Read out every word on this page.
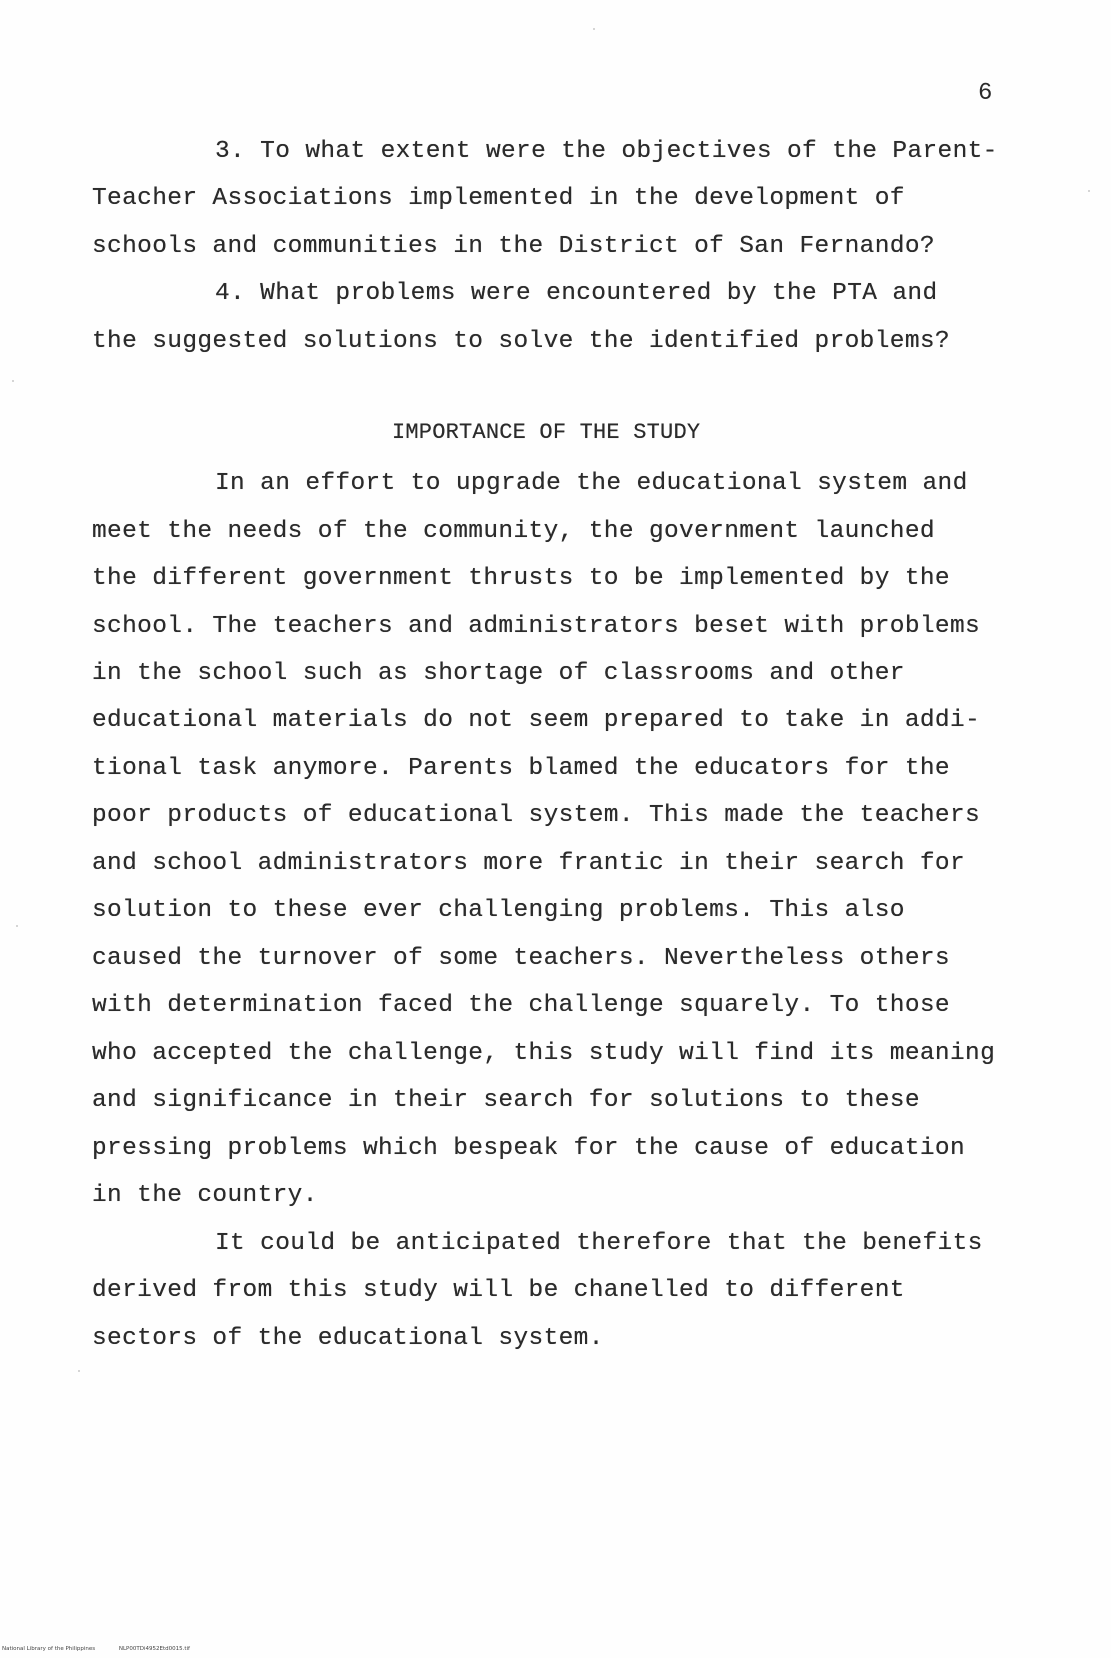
6
3. To what extent were the objectives of the Parent-
Teacher Associations implemented in the development of
schools and communities in the District of San Fernando?
4. What problems were encountered by the PTA and
the suggested solutions to solve the identified problems?
IMPORTANCE OF THE STUDY
In an effort to upgrade the educational system and
meet the needs of the community, the government launched
the different government thrusts to be implemented by the
school. The teachers and administrators beset with problems
in the school such as shortage of classrooms and other
educational materials do not seem prepared to take in addi-
tional task anymore. Parents blamed the educators for the
poor products of educational system. This made the teachers
and school administrators more frantic in their search for
solution to these ever challenging problems. This also
caused the turnover of some teachers. Nevertheless others
with determination faced the challenge squarely. To those
who accepted the challenge, this study will find its meaning
and significance in their search for solutions to these
pressing problems which bespeak for the cause of education
in the country.
It could be anticipated therefore that the benefits
derived from this study will be chanelled to different
sectors of the educational system.
National Library of the Philippines	NLP00TDi4952Etd0015.tif
